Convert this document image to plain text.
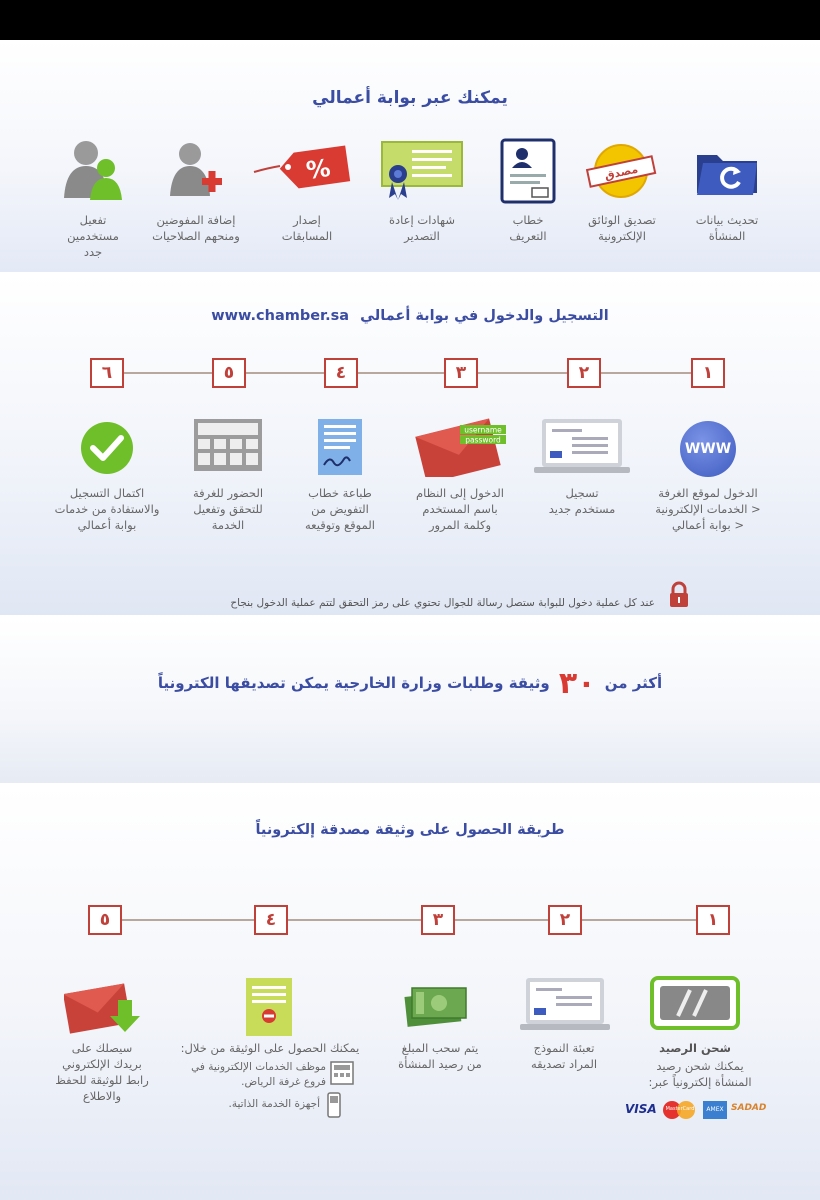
يمكنك عبر بوابة أعمالي
تحديث بيانات
المنشأة
مصدق
تصديق الوثائق
الإلكترونية
خطاب
التعريف
شهادات إعادة
التصدير
%
إصدار
المسابقات
إضافة المفوضين
ومنحهم الصلاحيات
تفعيل
مستخدمين
جدد
www.chamber.sa التسجيل والدخول في بوابة أعمالي
١
٢
٣
٤
٥
٦
WWW
الدخول لموقع الغرفة
< الخدمات الإلكترونية
< بوابة أعمالي
تسجيل
مستخدم جديد
username
password
الدخول إلى النظام
باسم المستخدم
وكلمة المرور
طباعة خطاب
التفويض من
الموقع وتوقيعه
الحضور للغرفة
للتحقق وتفعيل
الخدمة
اكتمال التسجيل
والاستفادة من خدمات
بوابة أعمالي
عند كل عملية دخول للبوابة ستصل رسالة للجوال تحتوي على رمز التحقق لتتم عملية الدخول بنجاح
أكثر من ٣٠ وثيقة وطلبات وزارة الخارجية يمكن تصديقها الكترونياً
طريقة الحصول على وثيقة مصدقة إلكترونياً
١
٢
٣
٤
٥
شحن الرصيد
يمكنك شحن رصيد
المنشأة إلكترونياً عبر:
VISA	MasterCard	AMEX SADAD
تعبئة النموذج
المراد تصديقه
يتم سحب المبلغ
من رصيد المنشأة
يمكنك الحصول على الوثيقة من خلال:
موظف الخدمات الإلكترونية في
فروع غرفة الرياض.
أجهزة الخدمة الذاتية.
سيصلك على
بريدك الإلكتروني
رابط للوثيقة للحفظ
والاطلاع
